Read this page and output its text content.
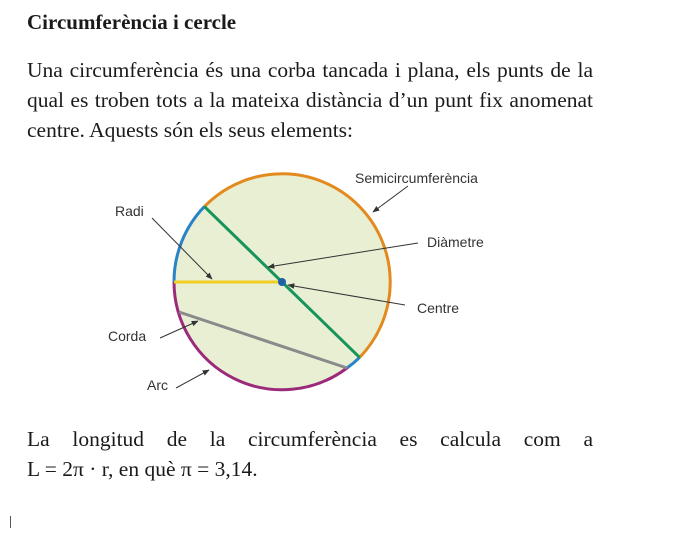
Circumferència i cercle

Una circumferència és una corba tancada i plana, els punts de la qual es troben tots a la mateixa distància d’un punt fix anomenat centre. Aquests són els seus elements:

Semicircumferència
Radi
Diàmetre
Centre
Corda
Arc

La longitud de la circumferència es calcula com a
L = 2π · r, en què π = 3,14.
